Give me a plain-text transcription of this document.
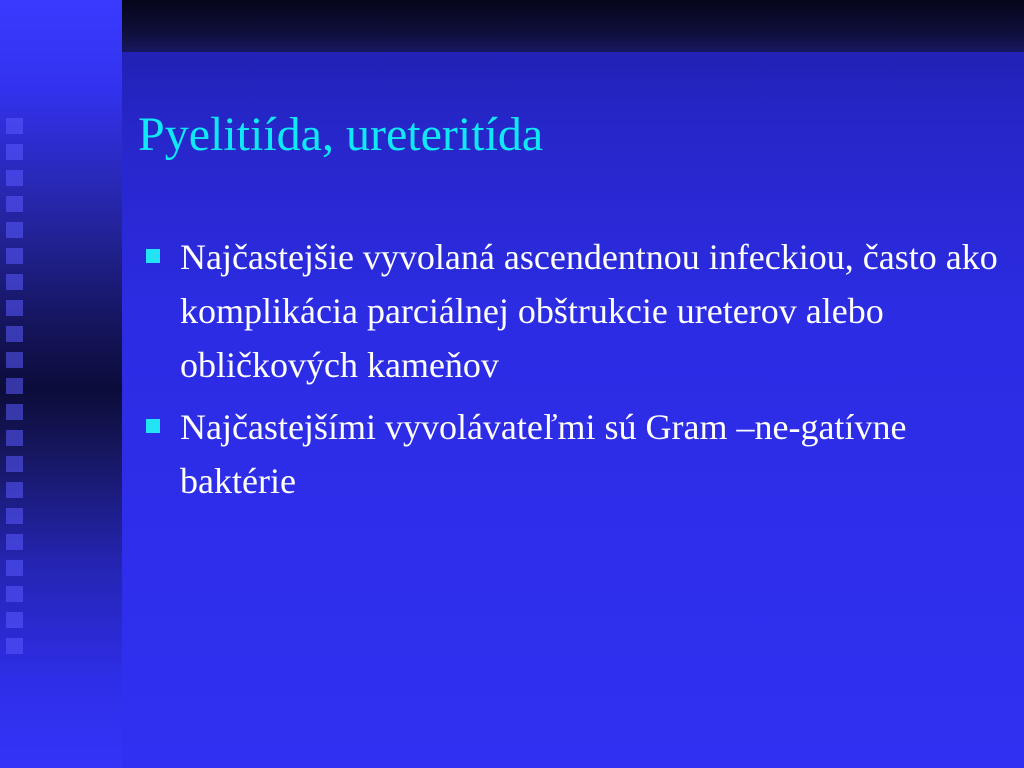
Pyelitiída, ureteritída
Najčastejšie vyvolaná ascendentnou infeckiou, často ako komplikácia parciálnej obštrukcie ureterov alebo obličkových kameňov
Najčastejšími vyvolávateľmi sú Gram –ne-gatívne baktérie
